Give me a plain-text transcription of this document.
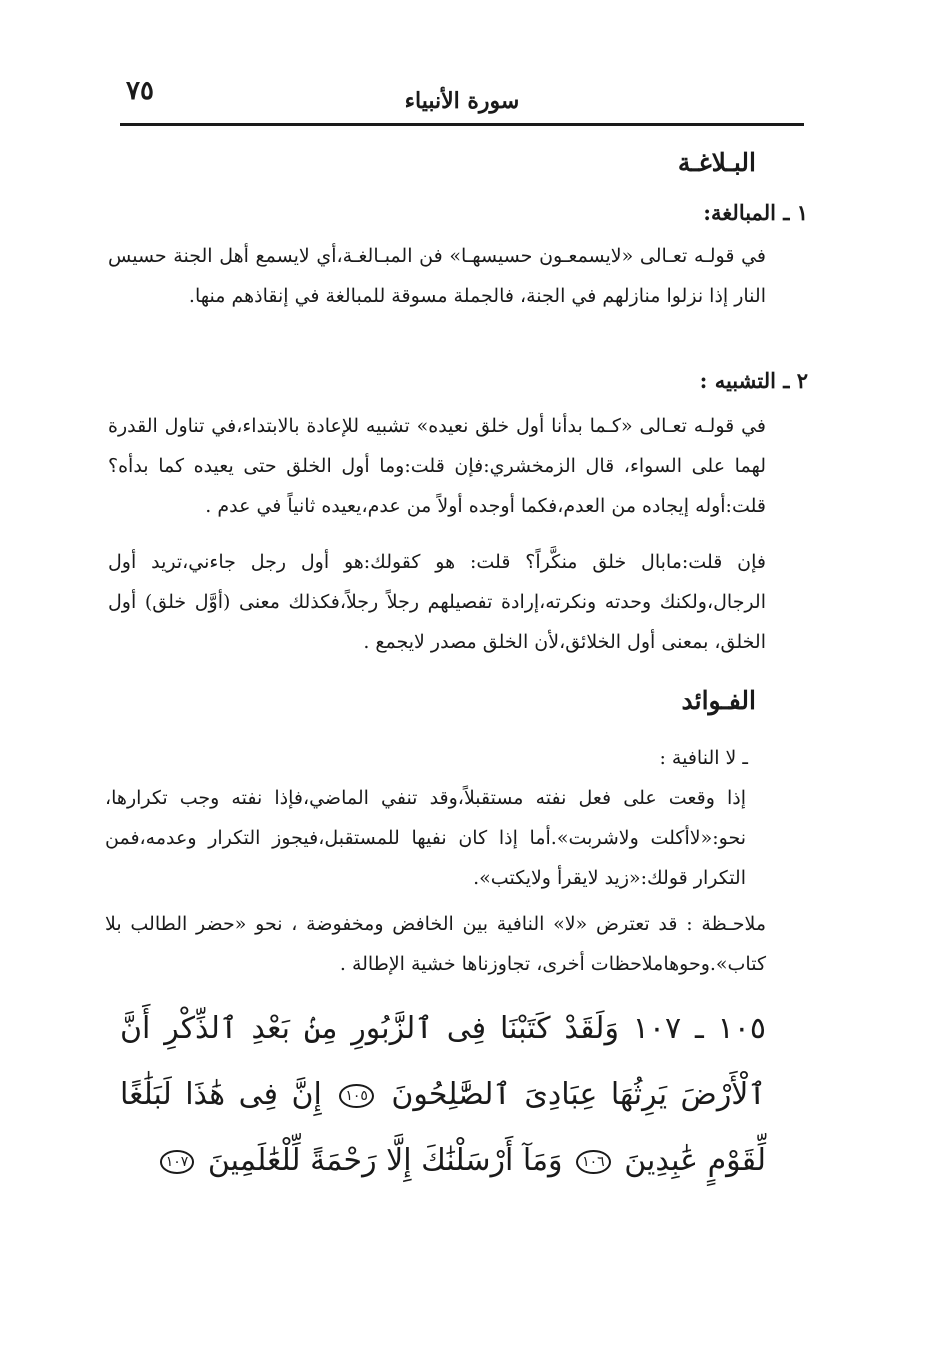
٧٥	سورة الأنبياء
البـلاغـة
١ ـ المبالغة:
في قولـه تعـالى «لايسمعـون حسيسهـا» فن المبـالغـة،أي لايسمع أهل الجنة حسيس النار إذا نزلوا منازلهم في الجنة، فالجملة مسوقة للمبالغة في إنقاذهم منها.
٢ ـ التشبيه :
في قولـه تعـالى «كـما بدأنا أول خلق نعيده» تشبيه للإعادة بالابتداء،في تناول القدرة لهما على السواء، قال الزمخشري:فإن قلت:وما أول الخلق حتى يعيده كما بدأه؟ قلت:أوله إيجاده من العدم،فكما أوجده أولاً من عدم،يعيده ثانياً في عدم .
فإن قلت:مابال خلق منكَّراً؟ قلت: هو كقولك:هو أول رجل جاءني،تريد أول الرجال،ولكنك وحدته ونكرته،إرادة تفصيلهم رجلاً رجلاً،فكذلك معنى (أوَّل خلق) أول الخلق، بمعنى أول الخلائق،لأن الخلق مصدر لايجمع .
الفـوائد
ـ لا النافية :
إذا وقعت على فعل نفته مستقبلاً،وقد تنفي الماضي،فإذا نفته وجب تكرارها، نحو:«لاأكلت ولاشربت».أما إذا كان نفيها للمستقبل،فيجوز التكرار وعدمه،فمن التكرار قولك:«زيد لايقرأ ولايكتب».
ملاحـظة : قد تعترض «لا» النافية بين الخافض ومخفوضة ، نحو «حضر الطالب بلا كتاب».وحوهاملاحظات أخرى، تجاوزناها خشية الإطالة .
١٠٥ ـ ١٠٧ وَلَقَدْ كَتَبْنَا فِى ٱلزَّبُورِ مِنۢ بَعْدِ ٱلذِّكْرِ أَنَّ ٱلْأَرْضَ يَرِثُهَا عِبَادِىَ ٱلصَّٰلِحُونَ ١٠٥ إِنَّ فِى هَٰذَا لَبَلَٰغًا لِّقَوْمٍ عَٰبِدِينَ ١٠٦ وَمَآ أَرْسَلْنَٰكَ إِلَّا رَحْمَةً لِّلْعَٰلَمِينَ ١٠٧
